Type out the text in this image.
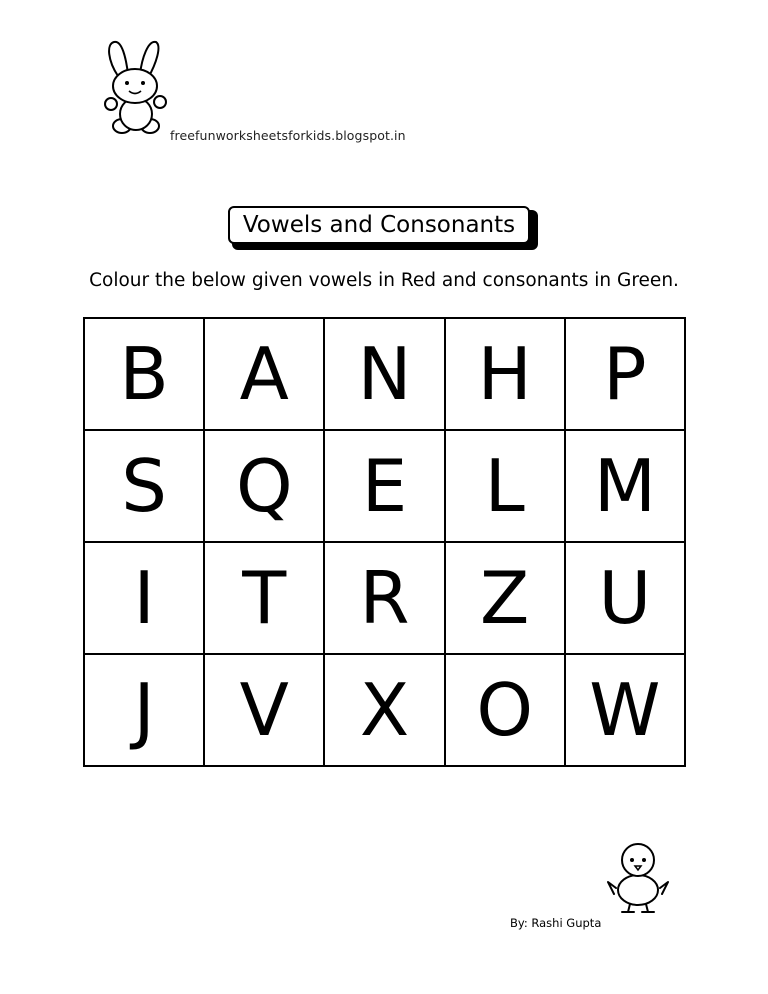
freefunworksheetsforkids.blogspot.in
Vowels and Consonants
Colour the below given vowels in Red and consonants in Green.
B A N H P
S Q E	L M
I	T	R Z U
J	V X O W
By: Rashi Gupta
